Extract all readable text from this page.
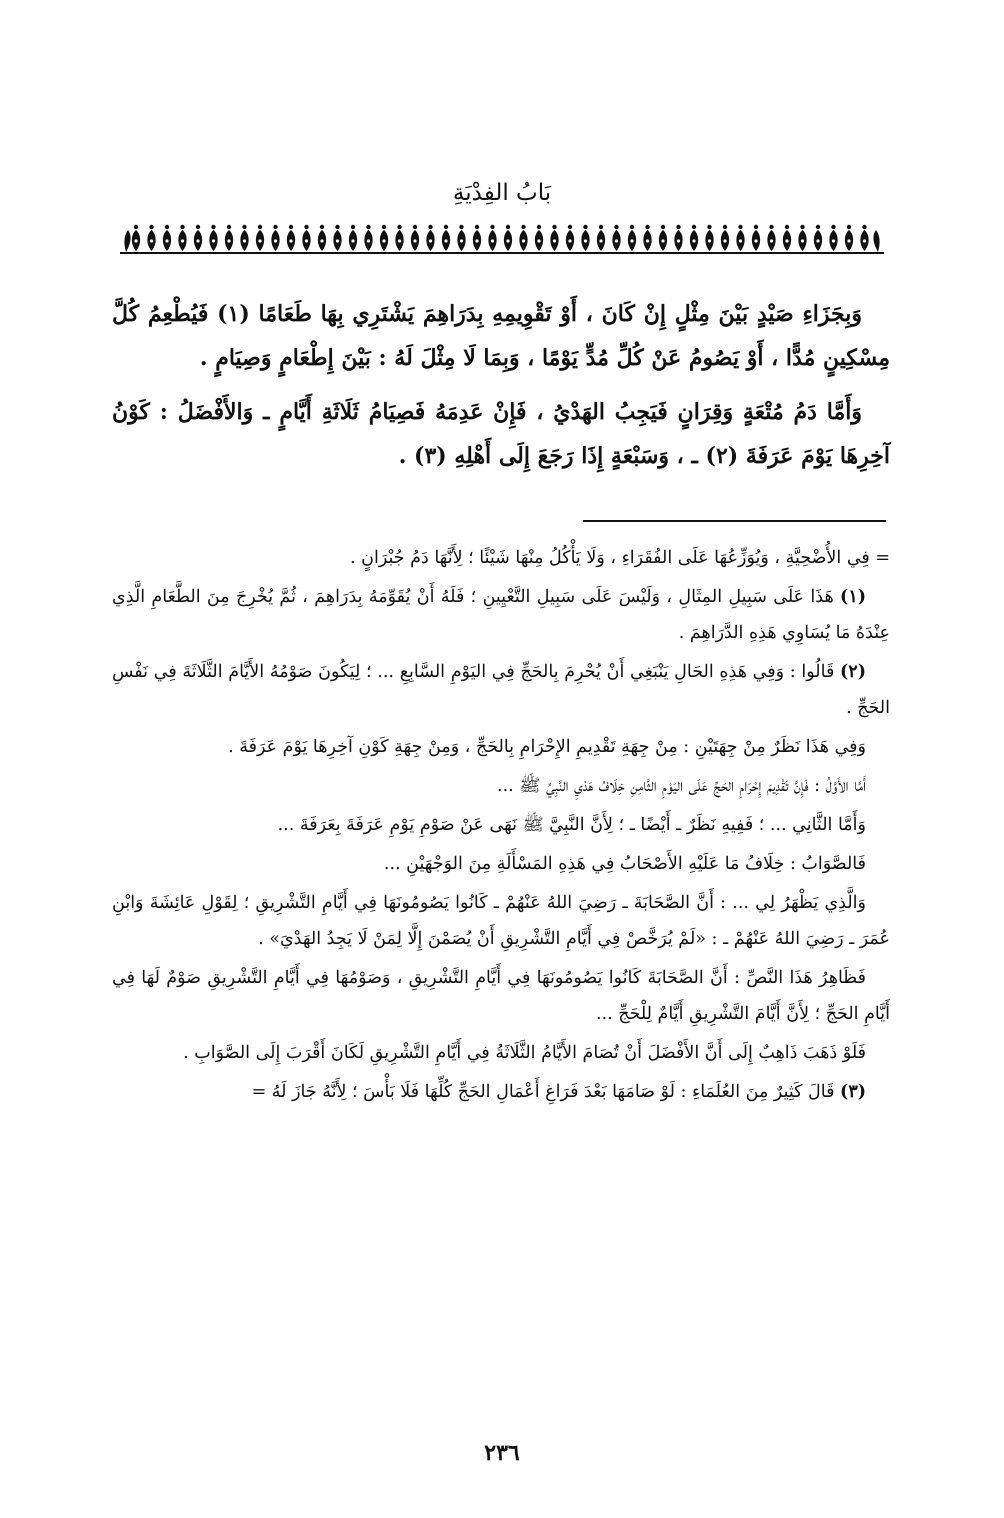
بَابُ الفِدْيَةِ

وَبِجَزَاءِ صَيْدٍ بَيْنَ مِثْلٍ إِنْ كَانَ ، أَوْ تَقْوِيمِهِ بِدَرَاهِمَ يَشْتَرِي بِهَا طَعَامًا (١) فَيُطْعِمُ كُلَّ مِسْكِينٍ مُدًّا ، أَوْ يَصُومُ عَنْ كُلِّ مُدٍّ يَوْمًا ، وَبِمَا لَا مِثْلَ لَهُ : بَيْنَ إِطْعَامٍ وَصِيَامٍ .

وَأَمَّا دَمُ مُتْعَةٍ وَقِرَانٍ فَيَجِبُ الهَدْيُ ، فَإِنْ عَدِمَهُ فَصِيَامُ ثَلَاثَةِ أَيَّامٍ ـ وَالأَفْضَلُ : كَوْنُ آخِرِهَا يَوْمَ عَرَفَةَ (٢) ـ ، وَسَبْعَةٍ إِذَا رَجَعَ إِلَى أَهْلِهِ (٣) .

= فِي الأُضْحِيَّةِ ، وَيُوَزِّعُهَا عَلَى الفُقَرَاءِ ، وَلَا يَأْكُلُ مِنْهَا شَيْئًا ؛ لِأَنَّهَا دَمُ جُبْرَانٍ .

(١) هَذَا عَلَى سَبِيلِ المِثَالِ ، وَلَيْسَ عَلَى سَبِيلِ التَّعْيِينِ ؛ فَلَهُ أَنْ يُقَوِّمَهُ بِدَرَاهِمَ ، ثُمَّ يُخْرِجَ مِنَ الطَّعَامِ الَّذِي عِنْدَهُ مَا يُسَاوِي هَذِهِ الدَّرَاهِمَ .

(٢) قَالُوا : وَفِي هَذِهِ الحَالِ يَنْبَغِي أَنْ يُحْرِمَ بِالحَجِّ فِي اليَوْمِ السَّابِعِ ... ؛ لِيَكُونَ صَوْمُهُ الأَيَّامَ الثَّلَاثَةَ فِي نَفْسِ الحَجِّ .

وَفِي هَذَا نَظَرٌ مِنْ جِهَتَيْنِ : مِنْ جِهَةِ تَقْدِيمِ الإِحْرَامِ بِالحَجِّ ، وَمِنْ جِهَةِ كَوْنِ آخِرِهَا يَوْمَ عَرَفَةَ .

أَمَّا الأَوَّلُ : فَإِنَّ تَقْدِيمَ إِحْرَامِ الحَجِّ عَلَى اليَوْمِ الثَّامِنِ خِلَافُ هَدْيِ النَّبِيِّ ﷺ ...

وَأَمَّا الثَّانِي ... ؛ فَفِيهِ نَظَرٌ ـ أَيْضًا ـ ؛ لِأَنَّ النَّبِيَّ ﷺ نَهَى عَنْ صَوْمِ يَوْمِ عَرَفَةَ بِعَرَفَةَ ...

فَالصَّوَابُ : خِلَافُ مَا عَلَيْهِ الأَصْحَابُ فِي هَذِهِ المَسْأَلَةِ مِنَ الوَجْهَيْنِ ...

وَالَّذِي يَظْهَرُ لِي ... : أَنَّ الصَّحَابَةَ ـ رَضِيَ اللهُ عَنْهُمْ ـ كَانُوا يَصُومُونَهَا فِي أَيَّامِ التَّشْرِيقِ ؛ لِقَوْلِ عَائِشَةَ وَابْنِ عُمَرَ ـ رَضِيَ اللهُ عَنْهُمْ ـ : «لَمْ يُرَخَّصْ فِي أَيَّامِ التَّشْرِيقِ أَنْ يُصَمْنَ إِلَّا لِمَنْ لَا يَجِدُ الهَدْيَ» .

فَظَاهِرُ هَذَا النَّصِّ : أَنَّ الصَّحَابَةَ كَانُوا يَصُومُونَهَا فِي أَيَّامِ التَّشْرِيقِ ، وَصَوْمُهَا فِي أَيَّامِ التَّشْرِيقِ صَوْمٌ لَهَا فِي أَيَّامِ الحَجِّ ؛ لِأَنَّ أَيَّامَ التَّشْرِيقِ أَيَّامٌ لِلْحَجِّ ...

فَلَوْ ذَهَبَ ذَاهِبٌ إِلَى أَنَّ الأَفْضَلَ أَنْ تُصَامَ الأَيَّامُ الثَّلَاثَةُ فِي أَيَّامِ التَّشْرِيقِ لَكَانَ أَقْرَبَ إِلَى الصَّوَابِ .

(٣) قَالَ كَثِيرٌ مِنَ العُلَمَاءِ : لَوْ صَامَهَا بَعْدَ فَرَاغِ أَعْمَالِ الحَجِّ كُلِّهَا فَلَا بَأْسَ ؛ لِأَنَّهُ جَازَ لَهُ =

٢٣٦
